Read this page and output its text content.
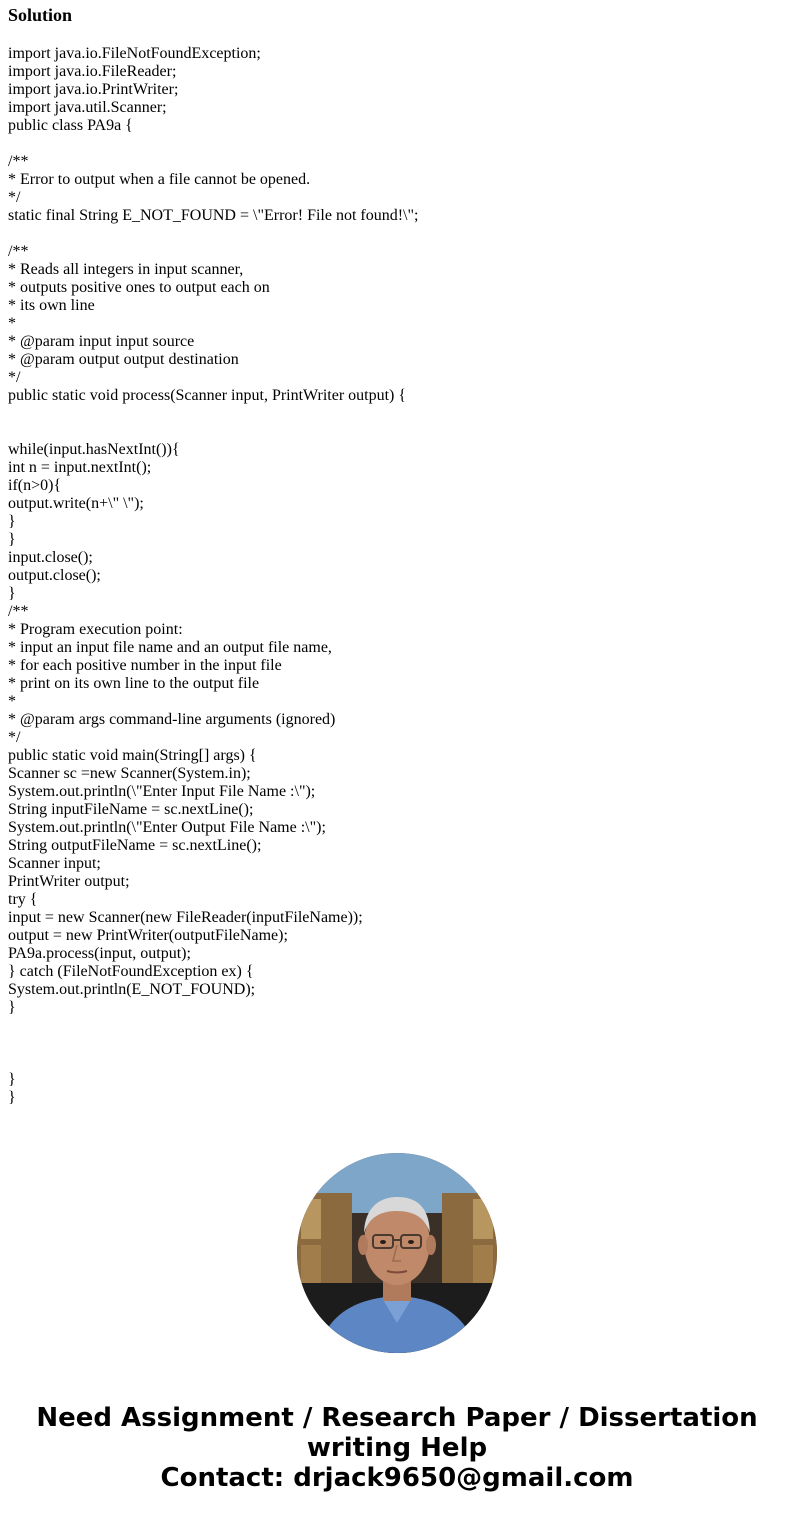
Solution
import java.io.FileNotFoundException;
import java.io.FileReader;
import java.io.PrintWriter;
import java.util.Scanner;
public class PA9a {
/**
* Error to output when a file cannot be opened.
*/
static final String E_NOT_FOUND = \"Error! File not found!\";
/**
* Reads all integers in input scanner,
* outputs positive ones to output each on
* its own line
*
* @param input input source
* @param output output destination
*/
public static void process(Scanner input, PrintWriter output) {
while(input.hasNextInt()){
int n = input.nextInt();
if(n>0){
output.write(n+\" \");
}
}
input.close();
output.close();
}
/**
* Program execution point:
* input an input file name and an output file name,
* for each positive number in the input file
* print on its own line to the output file
*
* @param args command-line arguments (ignored)
*/
public static void main(String[] args) {
Scanner sc =new Scanner(System.in);
System.out.println(\"Enter Input File Name :\");
String inputFileName = sc.nextLine();
System.out.println(\"Enter Output File Name :\");
String outputFileName = sc.nextLine();
Scanner input;
PrintWriter output;
try {
input = new Scanner(new FileReader(inputFileName));
output = new PrintWriter(outputFileName);
PA9a.process(input, output);
} catch (FileNotFoundException ex) {
System.out.println(E_NOT_FOUND);
}
}
}
Need Assignment / Research Paper / Dissertation
writing Help
Contact: drjack9650@gmail.com
